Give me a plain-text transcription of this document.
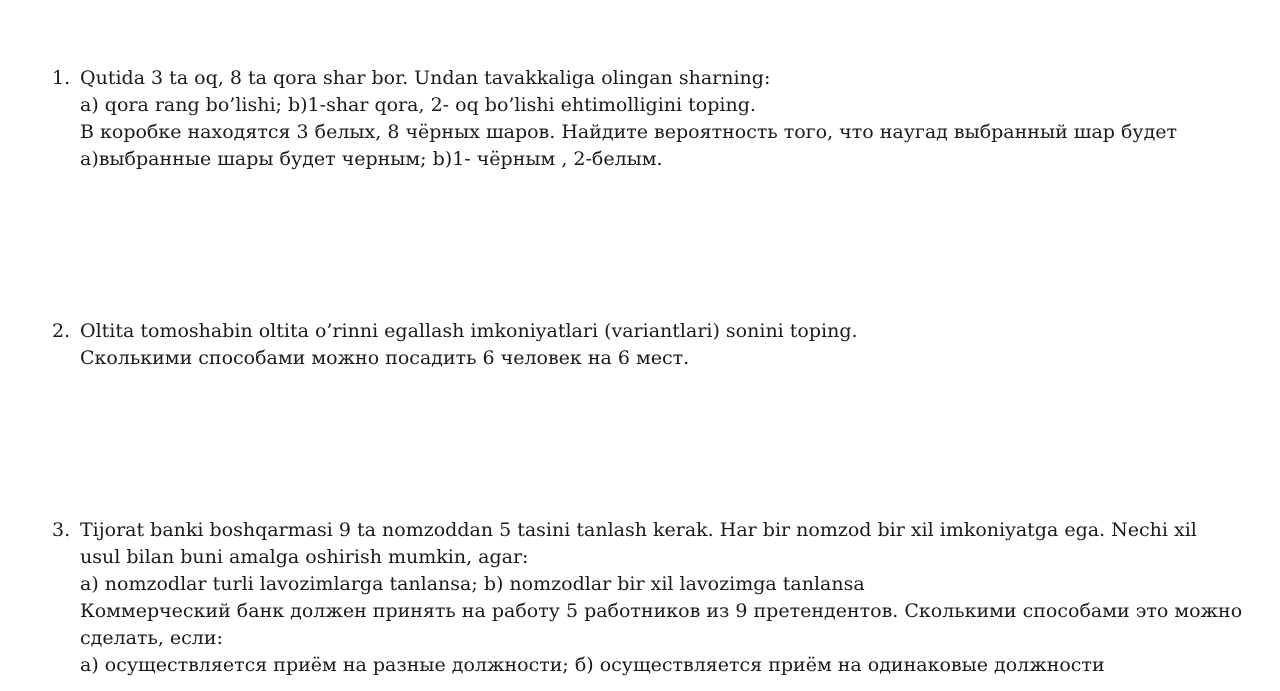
1. Qutida 3 ta oq, 8 ta qora shar bor. Undan tavakkaliga olingan sharning:
a) qora rang bo’lishi; b)1-shar qora, 2- oq bo’lishi ehtimolligini toping.
В коробке находятся 3 белых, 8 чёрных шаров. Найдите вероятность того, что наугад выбранный шар будет
а)выбранные шары будет черным; b)1- чёрным , 2-белым.
2. Oltita tomoshabin oltita o’rinni egallash imkoniyatlari (variantlari) sonini toping.
Сколькими способами можно посадить 6 человек на 6 мест.
3. Tijorat banki boshqarmasi 9 ta nomzoddan 5 tasini tanlash kerak. Har bir nomzod bir xil imkoniyatga ega. Nechi xil
usul bilan buni amalga oshirish mumkin, agar:
a) nomzodlar turli lavozimlarga tanlansa; b) nomzodlar bir xil lavozimga tanlansa
Коммерческий банк должен принять на работу 5 работников из 9 претендентов. Сколькими способами это можно
сделать, если:
а) осуществляется приём на разные должности; б) осуществляется приём на одинаковые должности
